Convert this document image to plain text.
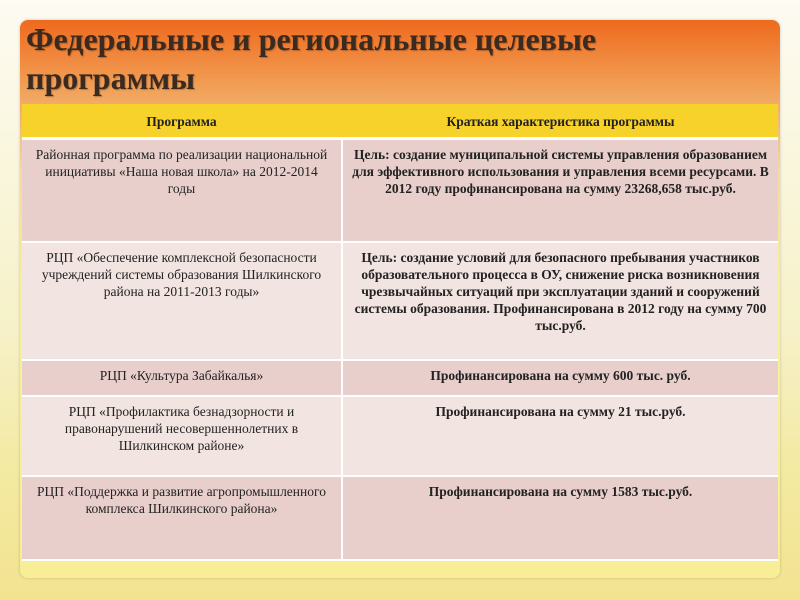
Федеральные и региональные целевые программы
Программа	Краткая характеристика программы
Районная программа по реализации национальной инициативы «Наша новая школа» на 2012-2014 годы	Цель: создание муниципальной системы управления образованием для эффективного использования и управления всеми ресурсами. В 2012 году профинансирована на сумму 23268,658 тыс.руб.
РЦП «Обеспечение комплексной безопасности учреждений системы образования Шилкинского района на 2011-2013 годы»	Цель: создание условий для безопасного пребывания участников образовательного процесса в ОУ, снижение риска возникновения чрезвычайных ситуаций при эксплуатации зданий и сооружений системы образования. Профинансирована в 2012 году на сумму 700 тыс.руб.
РЦП «Культура Забайкалья»	Профинансирована на сумму 600 тыс. руб.
РЦП «Профилактика безнадзорности и правонарушений несовершеннолетних в Шилкинском районе»	Профинансирована на сумму 21 тыс.руб.
РЦП «Поддержка и развитие агропромышленного комплекса Шилкинского района»	Профинансирована на сумму 1583 тыс.руб.
